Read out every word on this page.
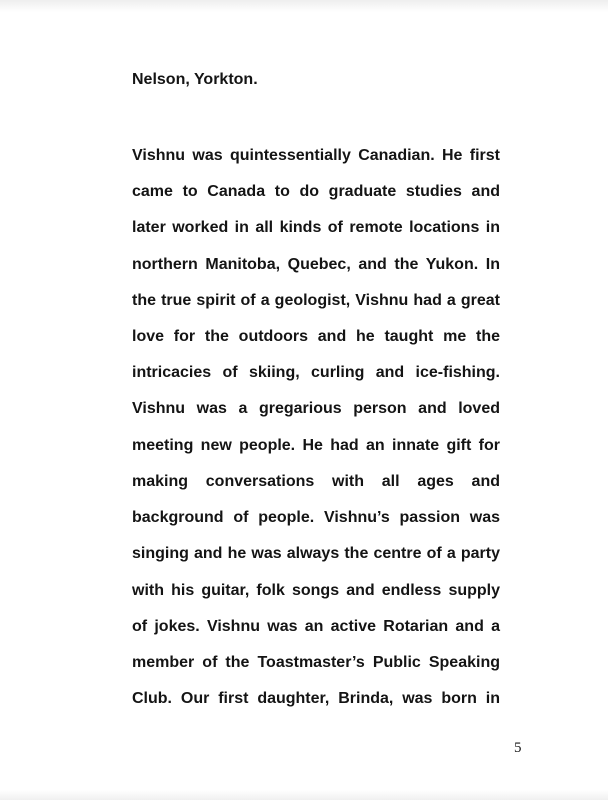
Nelson, Yorkton.

Vishnu was quintessentially Canadian. He first

came to Canada to do graduate studies and

later worked in all kinds of remote locations in

northern Manitoba, Quebec, and the Yukon. In

the true spirit of a geologist, Vishnu had a great

love for the outdoors and he taught me the

intricacies of skiing, curling and ice-fishing.

Vishnu was a gregarious person and loved

meeting new people. He had an innate gift for

making conversations with all ages and

background of people. Vishnu’s passion was

singing and he was always the centre of a party

with his guitar, folk songs and endless supply

of jokes. Vishnu was an active Rotarian and a

member of the Toastmaster’s Public Speaking

Club. Our first daughter, Brinda, was born in

5
